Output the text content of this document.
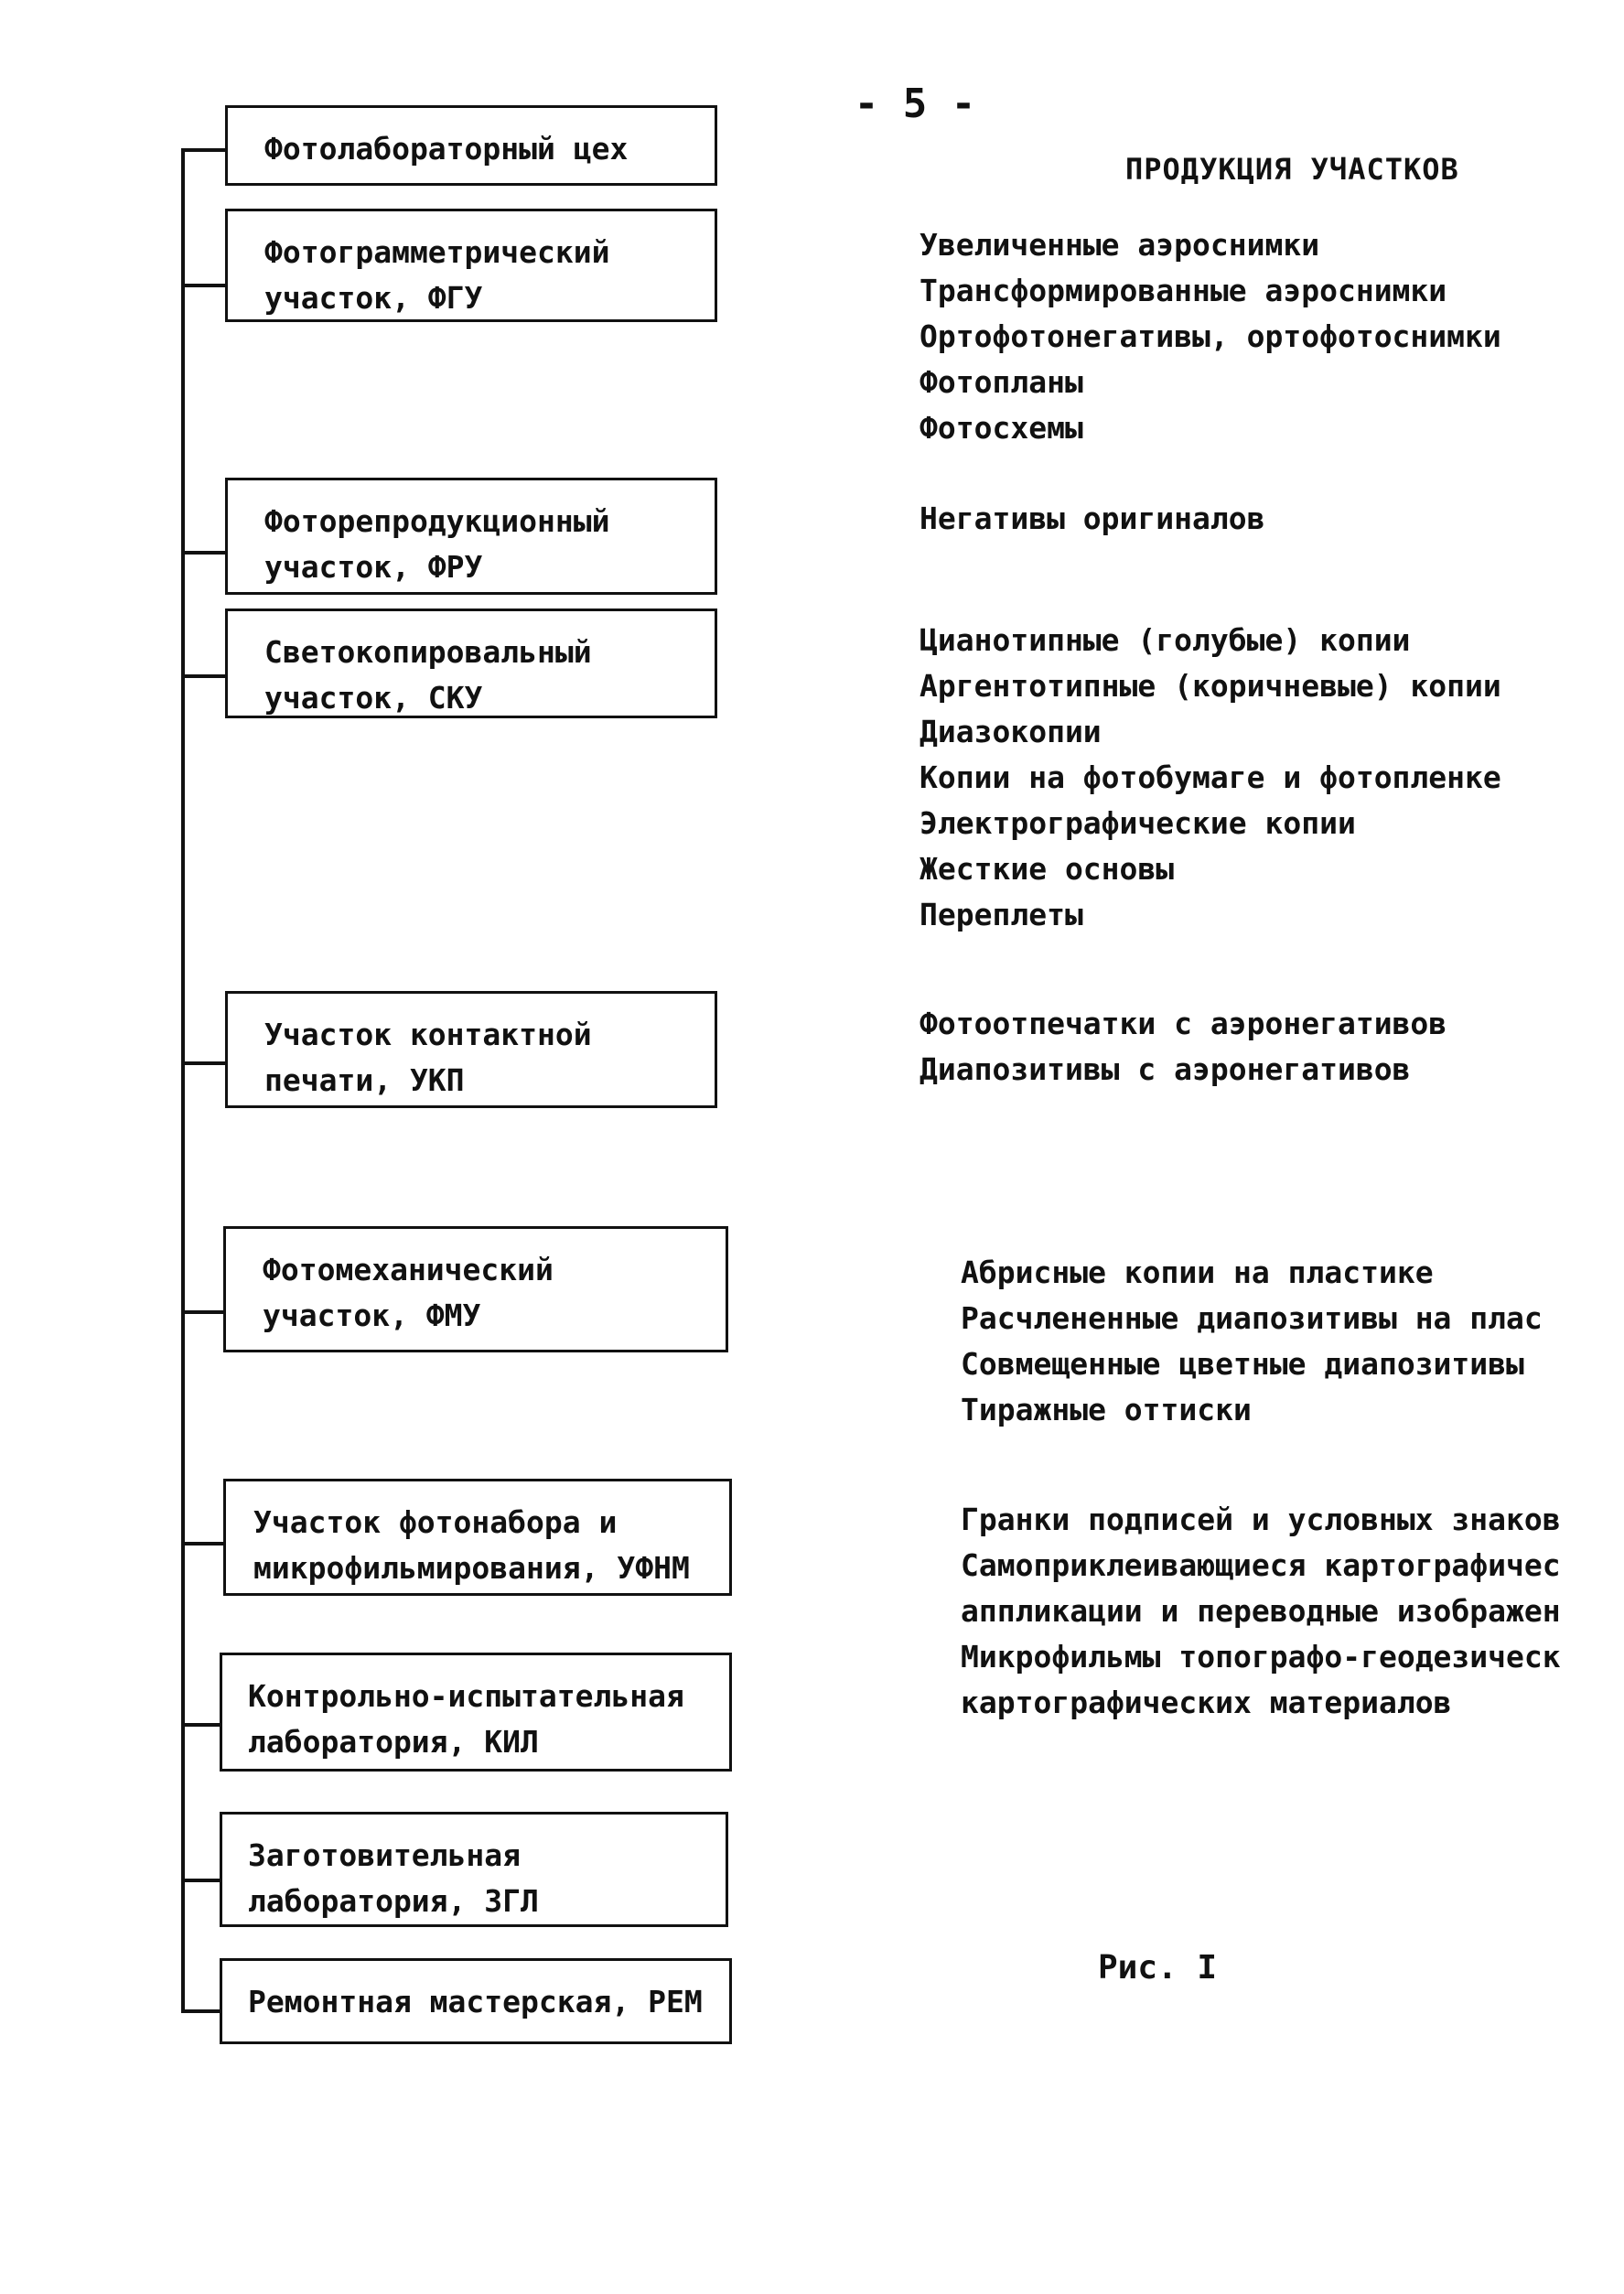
- 5 -
ПРОДУКЦИЯ УЧАСТКОВ
Фотолабораторный цех
Фотограмметрический
участок, ФГУ
Фоторепродукционный
участок, ФРУ
Светокопировальный
участок, СКУ
Участок контактной
печати, УКП
Фотомеханический
участок, ФМУ
Участок фотонабора и
микрофильмирования, УФНМ
Контрольно-испытательная
лаборатория, КИЛ
Заготовительная
лаборатория, ЗГЛ
Ремонтная мастерская, РЕМ
Увеличенные аэроснимки
Трансформированные аэроснимки
Ортофотонегативы, ортофотоснимки
Фотопланы
Фотосхемы
Негативы оригиналов
Цианотипные (голубые) копии
Аргентотипные (коричневые) копии
Диазокопии
Копии на фотобумаге и фотопленке
Электрографические копии
Жесткие основы
Переплеты
Фотоотпечатки с аэронегативов
Диапозитивы с аэронегативов
Абрисные копии на пластике
Расчлененные диапозитивы на плас
Совмещенные цветные диапозитивы
Тиражные оттиски
Гранки подписей и условных знаков
Самоприклеивающиеся картографичес
аппликации и переводные изображен
Микрофильмы топографо-геодезическ
картографических материалов
Рис. I
